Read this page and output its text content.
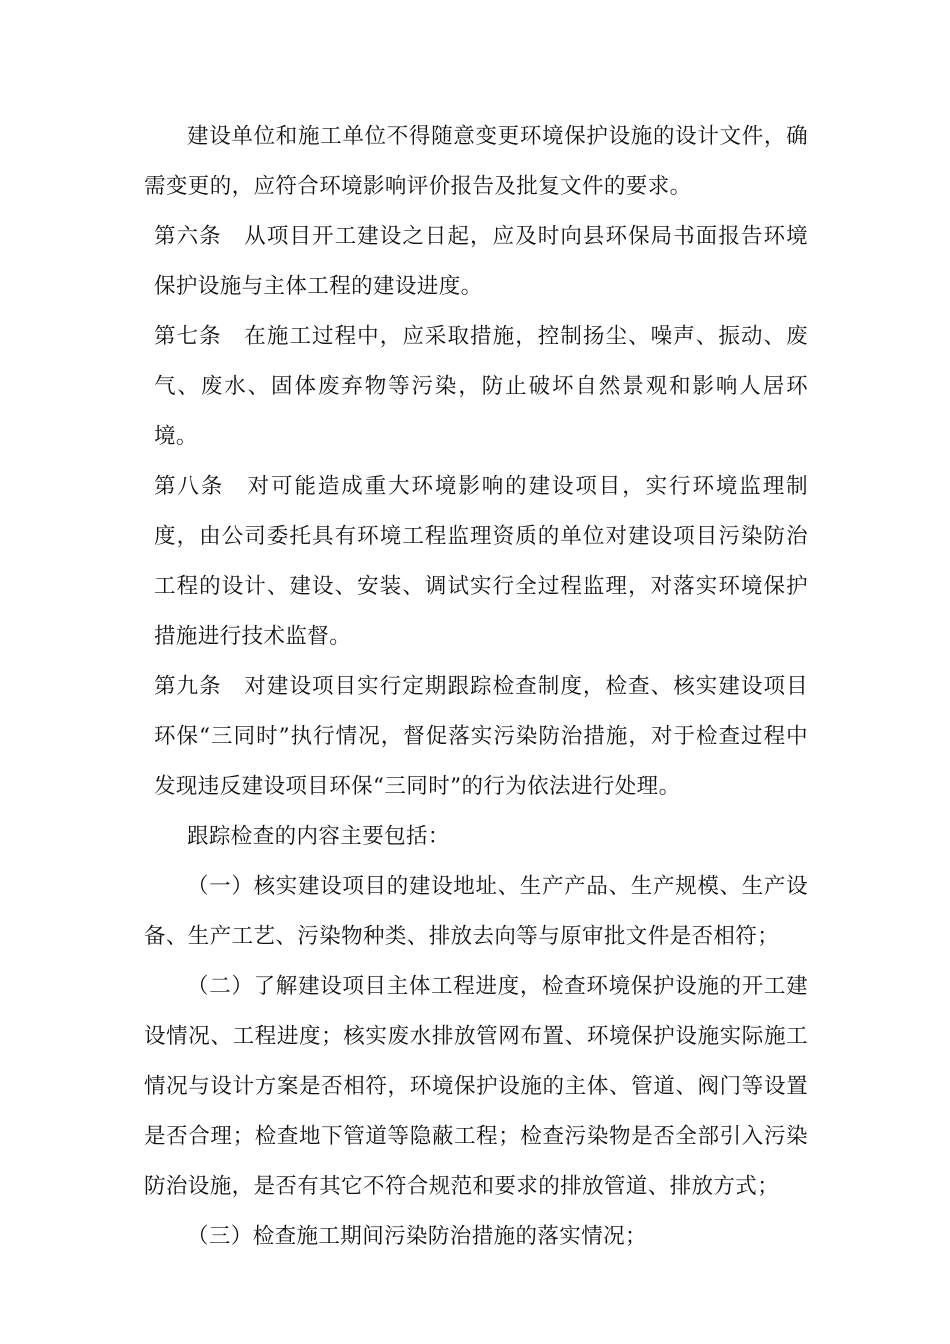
建设单位和施工单位不得随意变更环境保护设施的设计文件，确需变更的，应符合环境影响评价报告及批复文件的要求。

第六条　从项目开工建设之日起，应及时向县环保局书面报告环境保护设施与主体工程的建设进度。

第七条　在施工过程中，应采取措施，控制扬尘、噪声、振动、废气、废水、固体废弃物等污染，防止破坏自然景观和影响人居环境。

第八条　对可能造成重大环境影响的建设项目，实行环境监理制度，由公司委托具有环境工程监理资质的单位对建设项目污染防治工程的设计、建设、安装、调试实行全过程监理，对落实环境保护措施进行技术监督。

第九条　对建设项目实行定期跟踪检查制度，检查、核实建设项目环保“三同时”执行情况，督促落实污染防治措施，对于检查过程中发现违反建设项目环保“三同时”的行为依法进行处理。

跟踪检查的内容主要包括：

（一）核实建设项目的建设地址、生产产品、生产规模、生产设备、生产工艺、污染物种类、排放去向等与原审批文件是否相符；

（二）了解建设项目主体工程进度，检查环境保护设施的开工建设情况、工程进度；核实废水排放管网布置、环境保护设施实际施工情况与设计方案是否相符，环境保护设施的主体、管道、阀门等设置是否合理；检查地下管道等隐蔽工程；检查污染物是否全部引入污染防治设施，是否有其它不符合规范和要求的排放管道、排放方式；

（三）检查施工期间污染防治措施的落实情况；
